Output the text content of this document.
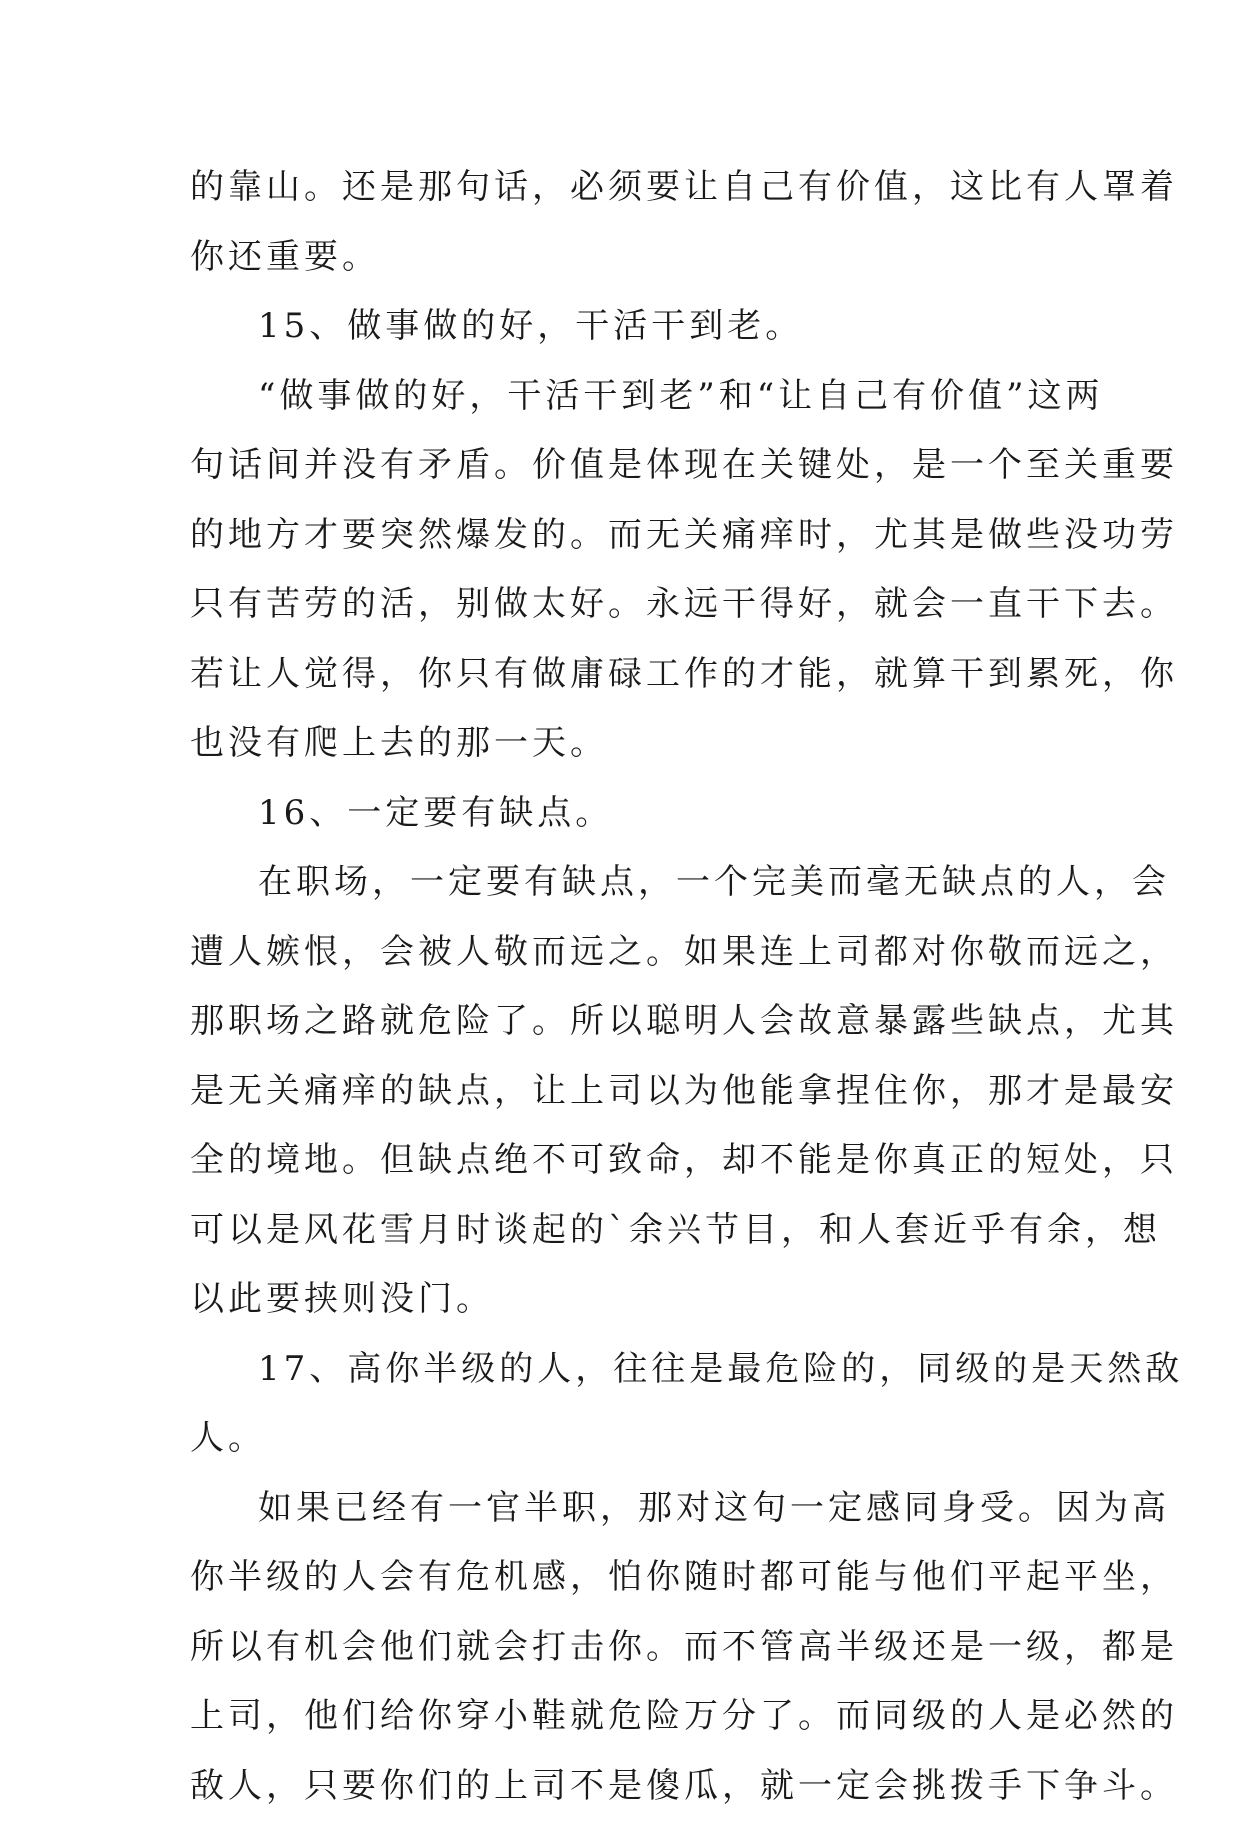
的靠山。还是那句话，必须要让自己有价值，这比有人罩着
你还重要。
15、做事做的好，干活干到老。
“做事做的好，干活干到老”和“让自己有价值”这两
句话间并没有矛盾。价值是体现在关键处，是一个至关重要
的地方才要突然爆发的。而无关痛痒时，尤其是做些没功劳
只有苦劳的活，别做太好。永远干得好，就会一直干下去。
若让人觉得，你只有做庸碌工作的才能，就算干到累死，你
也没有爬上去的那一天。
16、一定要有缺点。
在职场，一定要有缺点，一个完美而毫无缺点的人，会
遭人嫉恨，会被人敬而远之。如果连上司都对你敬而远之，
那职场之路就危险了。所以聪明人会故意暴露些缺点，尤其
是无关痛痒的缺点，让上司以为他能拿捏住你，那才是最安
全的境地。但缺点绝不可致命，却不能是你真正的短处，只
可以是风花雪月时谈起的`余兴节目，和人套近乎有余，想
以此要挟则没门。
17、高你半级的人，往往是最危险的，同级的是天然敌
人。
如果已经有一官半职，那对这句一定感同身受。因为高
你半级的人会有危机感，怕你随时都可能与他们平起平坐，
所以有机会他们就会打击你。而不管高半级还是一级，都是
上司，他们给你穿小鞋就危险万分了。而同级的人是必然的
敌人，只要你们的上司不是傻瓜，就一定会挑拨手下争斗。
